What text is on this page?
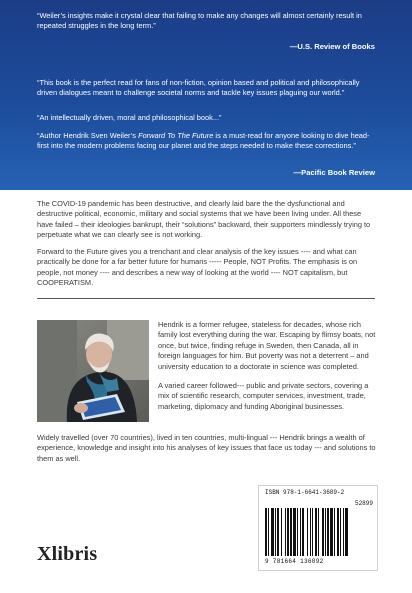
“Weiler’s insights make it crystal clear that failing to make any changes will almost certainly result in repeated struggles in the long term.”
—U.S. Review of Books
“This book is the perfect read for fans of non-fiction, opinion based and political and philosophically driven dialogues meant to challenge societal norms and tackle key issues plaguing our world.”
“An intellectually driven, moral and philosophical book...”
“Author Hendrik Sven Weiler’s Forward To The Future is a must-read for anyone looking to dive head-first into the modern problems facing our planet and the steps needed to make these corrections.”
—Pacific Book Review
The COVID-19 pandemic has been destructive, and clearly laid bare the the dysfunctional and destructive political, economic, military and social systems that we have been living under. All these have failed – their ideologies bankrupt, their “solutions” backward, their supporters mindlessly trying to perpetuate what we can clearly see is not working.
Forward to the Future gives you a trenchant and clear analysis of the key issues ---- and what can practically be done for a far better future for humans ----- People, NOT Profits. The emphasis is on people, not money ---- and describes a new way of looking at the world ---- NOT capitalism, but COOPERATISM.
Hendrik is a former refugee, stateless for decades, whose rich family lost everything during the war. Escaping by flimsy boats, not once, but twice, finding refuge in Sweden, then Canada, all in foreign languages for him. But poverty was not a deterrent – and university education to a doctorate in science was completed.
A varied career followed--- public and private sectors, covering a mix of scientific research, computer services, investment, trade, marketing, diplomacy and funding Aboriginal businesses.
Widely travelled (over 70 countries), lived in ten countries, multi-lingual --- Hendrik brings a wealth of experience, knowledge and insight into his analyses of key issues that face us today --- and solutions to them as well.
Xlibris
ISBN 978-1-6641-3689-2
52899
9 781664 136892
